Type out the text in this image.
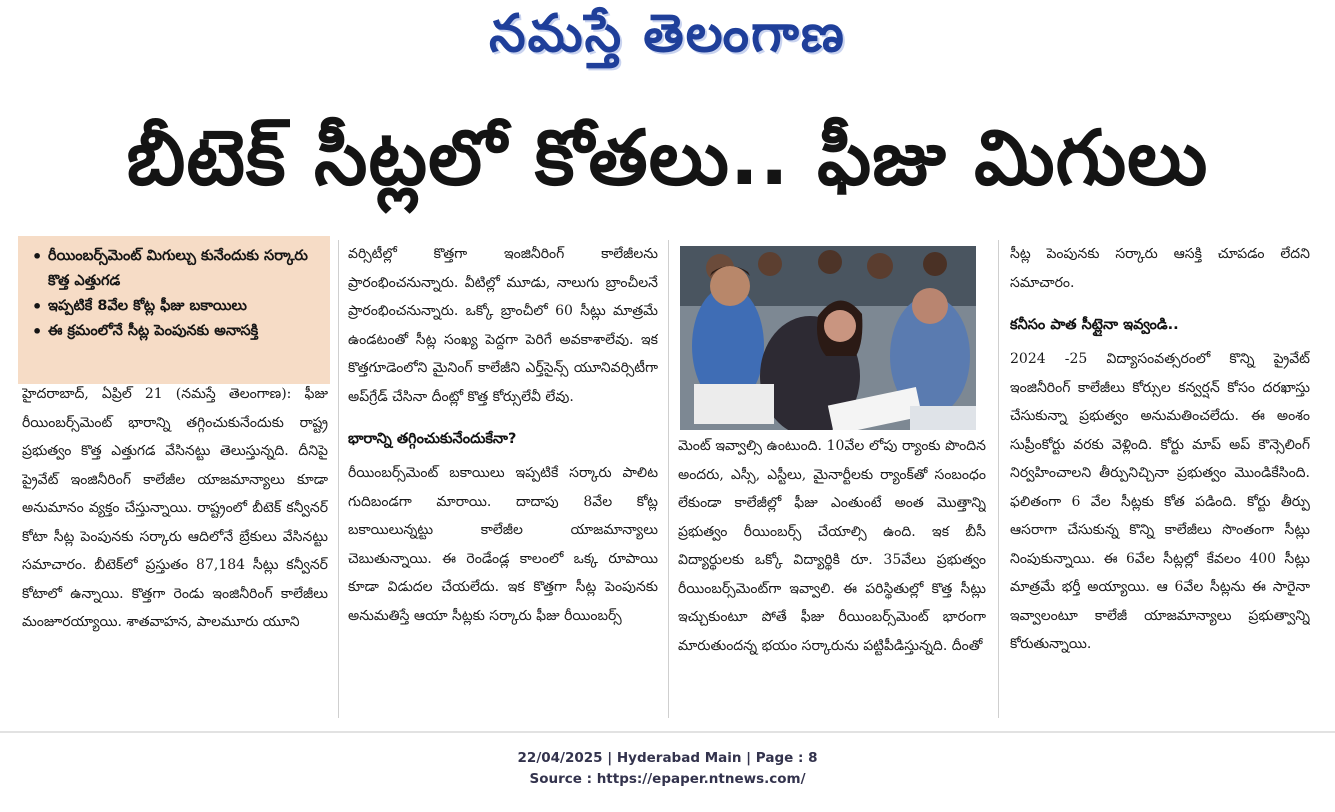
నమస్తే తెలంగాణ
బీటెక్ సీట్లలో కోతలు.. ఫీజు మిగులు
• రీయింబర్స్‌మెంట్ మిగుల్చు కునేందుకు సర్కారు కొత్త ఎత్తుగడ
• ఇప్పటికే 8వేల కోట్ల ఫీజు బకాయిలు
• ఈ క్రమంలోనే సీట్ల పెంపునకు అనాసక్తి

హైదరాబాద్, ఏప్రిల్ 21 (నమస్తే తెలంగాణ): ఫీజు రీయింబర్స్‌మెంట్ భారాన్ని తగ్గించుకునేందుకు రాష్ట్ర ప్రభుత్వం కొత్త ఎత్తుగడ వేసినట్టు తెలుస్తున్నది. దీనిపై ప్రైవేట్ ఇంజినీరింగ్ కాలేజీల యాజమాన్యాలు కూడా అనుమానం వ్యక్తం చేస్తున్నాయి. రాష్ట్రంలో బీటెక్ కన్వీనర్ కోటా సీట్ల పెంపునకు సర్కారు ఆదిలోనే బ్రేకులు వేసినట్టు సమాచారం. బీటెక్‌లో ప్రస్తుతం 87,184 సీట్లు కన్వీనర్ కోటాలో ఉన్నాయి. కొత్తగా రెండు ఇంజినీరింగ్ కాలేజీలు మంజూరయ్యాయి. శాతవాహన, పాలమూరు యూని

వర్సిటీల్లో కొత్తగా ఇంజినీరింగ్ కాలేజీలను ప్రారంభించనున్నారు. వీటిల్లో మూడు, నాలుగు బ్రాంచీలనే ప్రారంభించనున్నారు. ఒక్కో బ్రాంచీలో 60 సీట్లు మాత్రమే ఉండటంతో సీట్ల సంఖ్య పెద్దగా పెరిగే అవకాశాలేవు. ఇక కొత్తగూడెంలోని మైనింగ్ కాలేజీని ఎర్త్‌సైన్స్ యూనివర్సిటీగా అప్‌గ్రేడ్ చేసినా దీంట్లో కొత్త కోర్సులేవీ లేవు.

భారాన్ని తగ్గించుకునేందుకేనా?

రీయింబర్స్‌మెంట్ బకాయిలు ఇప్పటికే సర్కారు పాలిట గుదిబండగా మారాయి. దాదాపు 8వేల కోట్ల బకాయిలున్నట్టు కాలేజీల యాజమాన్యాలు చెబుతున్నాయి. ఈ రెండేండ్ల కాలంలో ఒక్క రూపాయి కూడా విడుదల చేయలేదు. ఇక కొత్తగా సీట్ల పెంపునకు అనుమతిస్తే ఆయా సీట్లకు సర్కారు ఫీజు రీయింబర్స్

మెంట్ ఇవ్వాల్సి ఉంటుంది. 10వేల లోపు ర్యాంకు పొందిన అందరు, ఎస్సీ, ఎస్టీలు, మైనార్టీలకు ర్యాంక్‌తో సంబంధం లేకుండా కాలేజీల్లో ఫీజు ఎంతుంటే అంత మొత్తాన్ని ప్రభుత్వం రీయింబర్స్ చేయాల్సి ఉంది. ఇక బీసీ విద్యార్థులకు ఒక్కో విద్యార్థికి రూ. 35వేలు ప్రభుత్వం రీయింబర్స్‌మెంట్‌గా ఇవ్వాలి. ఈ పరిస్థితుల్లో కొత్త సీట్లు ఇచ్చుకుంటూ పోతే ఫీజు రీయింబర్స్‌మెంట్ భారంగా మారుతుందన్న భయం సర్కారును పట్టిపీడిస్తున్నది. దీంతో

సీట్ల పెంపునకు సర్కారు ఆసక్తి చూపడం లేదని సమాచారం.

కనీసం పాత సీట్లైనా ఇవ్వండి..

2024 -25 విద్యాసంవత్సరంలో కొన్ని ప్రైవేట్ ఇంజినీరింగ్ కాలేజీలు కోర్సుల కన్వర్షన్ కోసం దరఖాస్తు చేసుకున్నా ప్రభుత్వం అనుమతించలేదు. ఈ అంశం సుప్రీంకోర్టు వరకు వెళ్లింది. కోర్టు మాప్ అప్ కౌన్సెలింగ్ నిర్వహించాలని తీర్పునిచ్చినా ప్రభుత్వం మొండికేసింది. ఫలితంగా 6 వేల సీట్లకు కోత పడింది. కోర్టు తీర్పు ఆసరాగా చేసుకున్న కొన్ని కాలేజీలు సొంతంగా సీట్లు నింపుకున్నాయి. ఈ 6వేల సీట్లల్లో కేవలం 400 సీట్లు మాత్రమే భర్తీ అయ్యాయి. ఆ 6వేల సీట్లను ఈ సారైనా ఇవ్వాలంటూ కాలేజీ యాజమాన్యాలు ప్రభుత్వాన్ని కోరుతున్నాయి.

22/04/2025 | Hyderabad Main | Page : 8
Source : https://epaper.ntnews.com/
